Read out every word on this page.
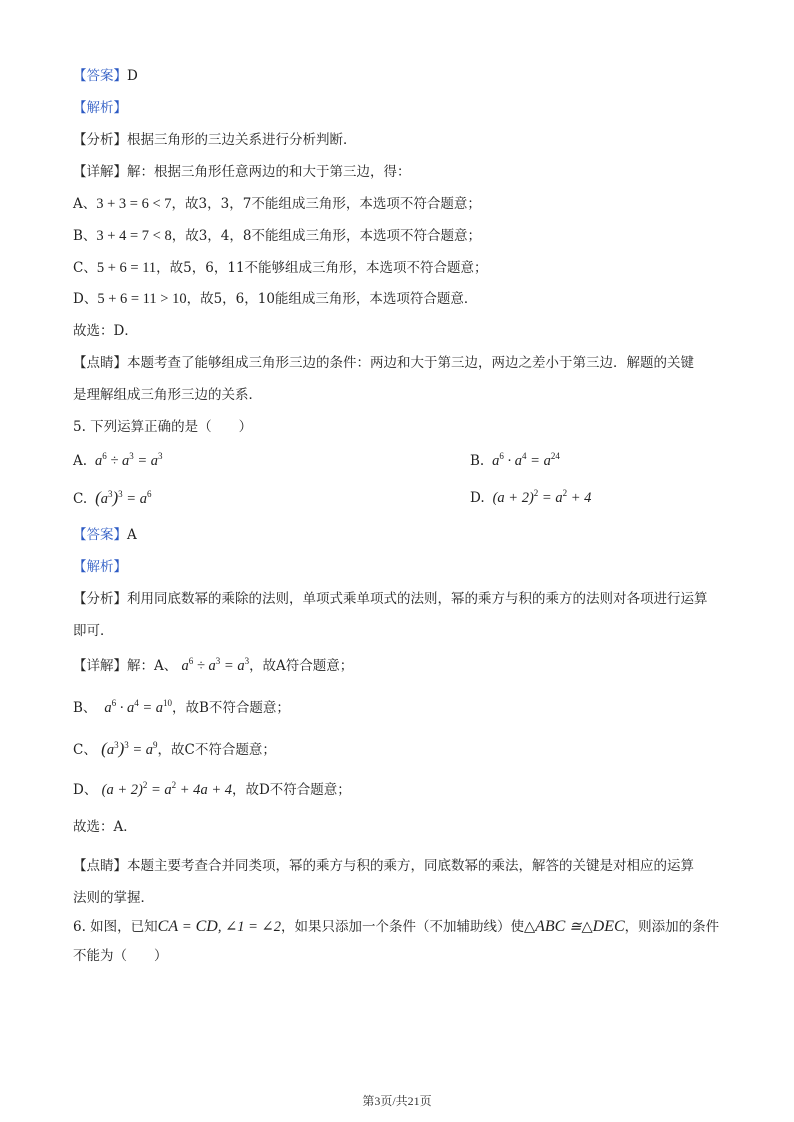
【答案】D
【解析】
【分析】根据三角形的三边关系进行分析判断．
【详解】解：根据三角形任意两边的和大于第三边，得：
A、3 + 3 = 6 < 7，故3，3，7不能组成三角形，本选项不符合题意；
B、3 + 4 = 7 < 8，故3，4，8不能组成三角形，本选项不符合题意；
C、5 + 6 = 11，故5，6，11不能够组成三角形，本选项不符合题意；
D、5 + 6 = 11 > 10，故5，6，10能组成三角形，本选项符合题意．
故选：D．
【点睛】本题考查了能够组成三角形三边的条件：两边和大于第三边，两边之差小于第三边．解题的关键
是理解组成三角形三边的关系．
5. 下列运算正确的是（　　）
A.  $a^6 \div a^3 = a^3$	B.  $a^6 \cdot a^4 = a^{24}$
C. $(a^3)^3 = a^6$	D. $(a + 2)^2 = a^2 + 4$
【答案】A
【解析】
【分析】利用同底数幂的乘除的法则，单项式乘单项式的法则，幂的乘方与积的乘方的法则对各项进行运算
即可．
【详解】解：A、 $a^6 \div a^3 = a^3$，故A符合题意；
B、  $a^6 \cdot a^4 = a^{10}$，故B不符合题意；
C、 $(a^3)^3 = a^9$，故C不符合题意；
D、 $(a + 2)^2 = a^2 + 4a + 4$，故D不符合题意；
故选：A．
【点睛】本题主要考查合并同类项，幂的乘方与积的乘方，同底数幂的乘法，解答的关键是对相应的运算
法则的掌握．
6. 如图，已知CA = CD, ∠1 = ∠2，如果只添加一个条件（不加辅助线）使△ABC ≅△DEC，则添加的条件
不能为（　　）
第3页/共21页
